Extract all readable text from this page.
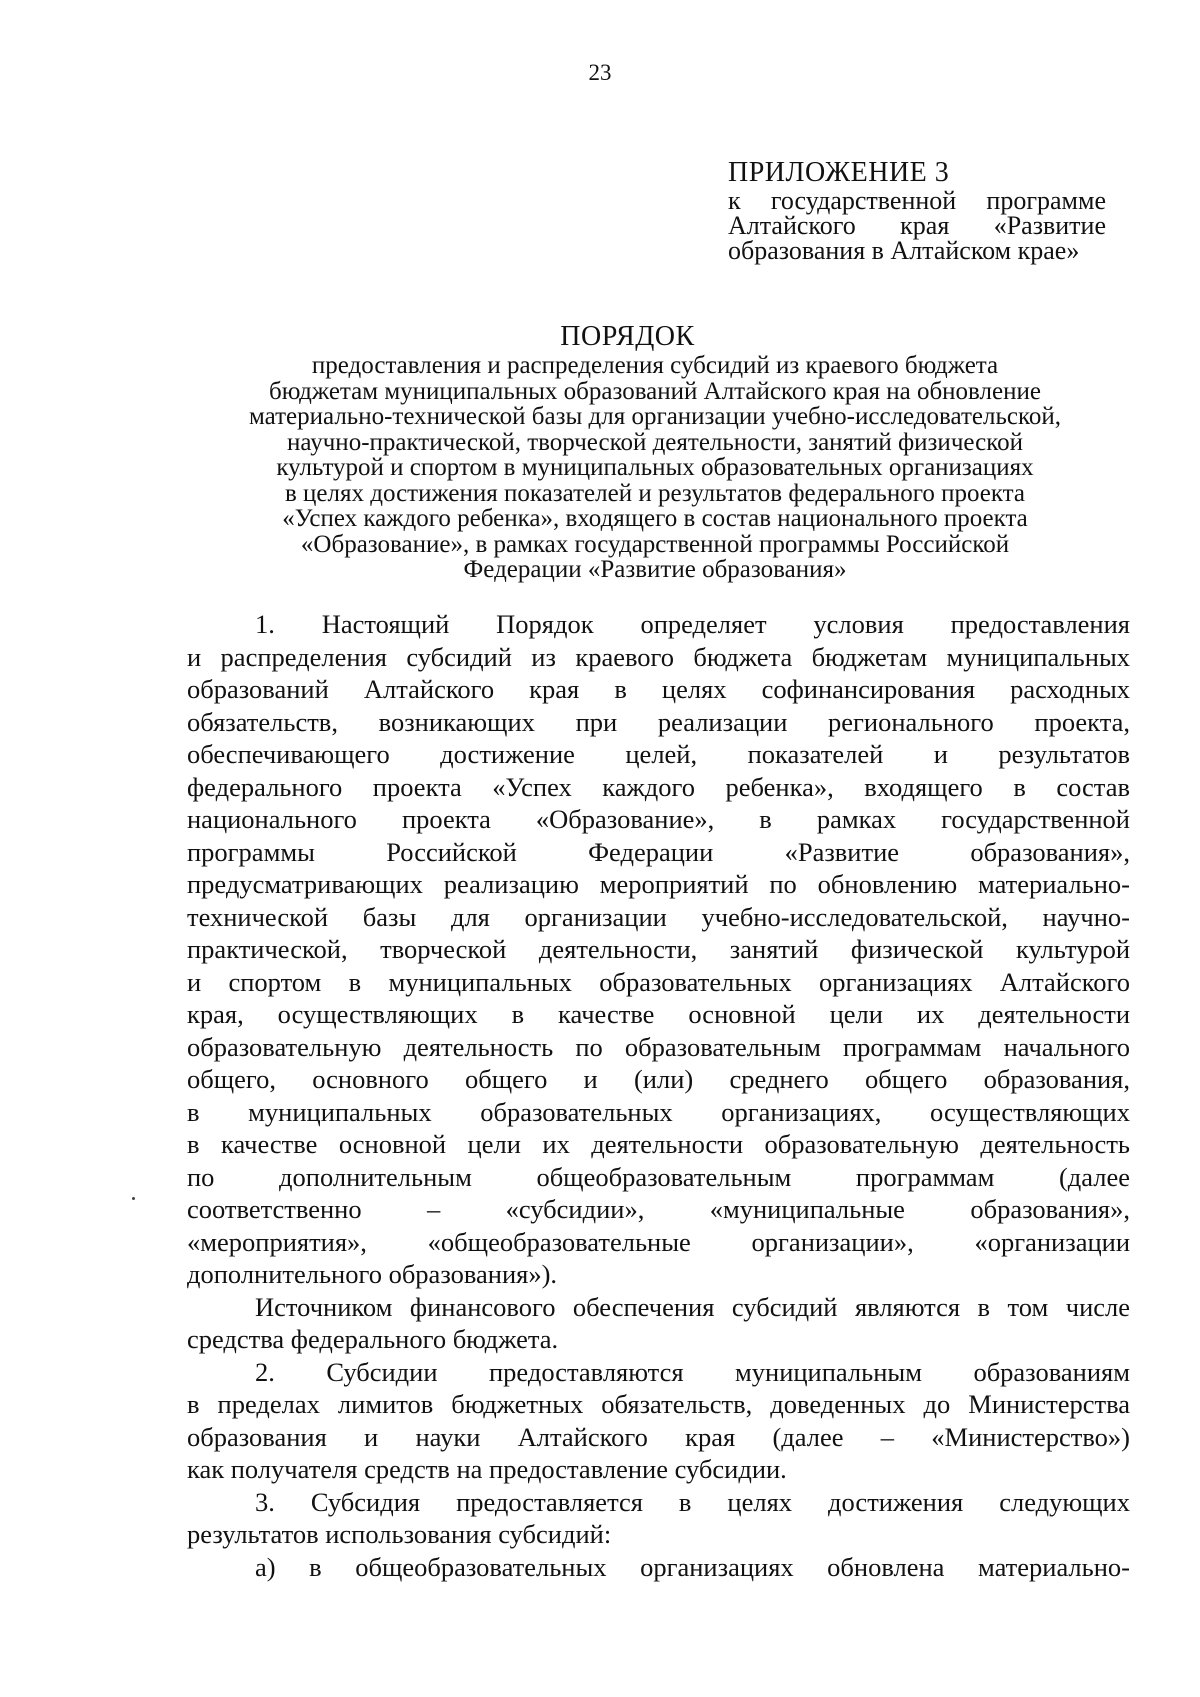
23
ПРИЛОЖЕНИЕ 3
к государственной программе
Алтайского края «Развитие
образования в Алтайском крае»
ПОРЯДОК
предоставления и распределения субсидий из краевого бюджета
бюджетам муниципальных образований Алтайского края на обновление
материально-технической базы для организации учебно-исследовательской,
научно-практической, творческой деятельности, занятий физической
культурой и спортом в муниципальных образовательных организациях
в целях достижения показателей и результатов федерального проекта
«Успех каждого ребенка», входящего в состав национального проекта
«Образование», в рамках государственной программы Российской
Федерации «Развитие образования»
1. Настоящий Порядок определяет условия предоставления
и распределения субсидий из краевого бюджета бюджетам муниципальных
образований Алтайского края в целях софинансирования расходных
обязательств, возникающих при реализации регионального проекта,
обеспечивающего достижение целей, показателей и результатов
федерального проекта «Успех каждого ребенка», входящего в состав
национального проекта «Образование», в рамках государственной
программы Российской Федерации «Развитие образования»,
предусматривающих реализацию мероприятий по обновлению материально-
технической базы для организации учебно-исследовательской, научно-
практической, творческой деятельности, занятий физической культурой
и спортом в муниципальных образовательных организациях Алтайского
края, осуществляющих в качестве основной цели их деятельности
образовательную деятельность по образовательным программам начального
общего, основного общего и (или) среднего общего образования,
в муниципальных образовательных организациях, осуществляющих
в качестве основной цели их деятельности образовательную деятельность
по дополнительным общеобразовательным программам (далее
соответственно – «субсидии», «муниципальные образования»,
«мероприятия», «общеобразовательные организации», «организации
дополнительного образования»).
Источником финансового обеспечения субсидий являются в том числе
средства федерального бюджета.
2. Субсидии предоставляются муниципальным образованиям
в пределах лимитов бюджетных обязательств, доведенных до Министерства
образования и науки Алтайского края (далее – «Министерство»)
как получателя средств на предоставление субсидии.
3. Субсидия предоставляется в целях достижения следующих
результатов использования субсидий:
а) в общеобразовательных организациях обновлена материально-
